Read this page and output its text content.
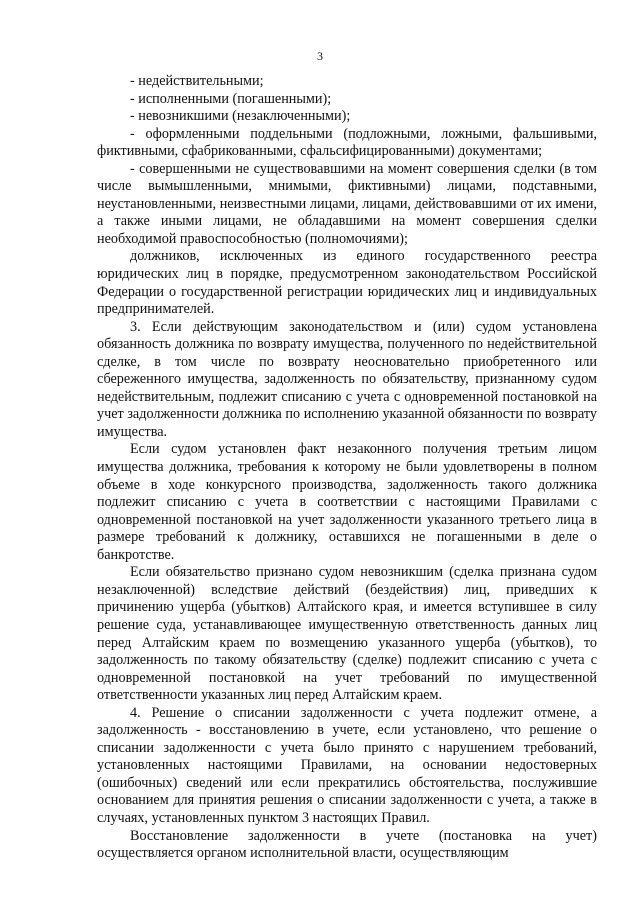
3

- недействительными;

- исполненными (погашенными);

- невозникшими (незаключенными);

- оформленными поддельными (подложными, ложными, фальшивыми, фиктивными, сфабрикованными, сфальсифицированными) документами;

- совершенными не существовавшими на момент совершения сделки (в том числе вымышленными, мнимыми, фиктивными) лицами, подставными, неустановленными, неизвестными лицами, лицами, действовавшими от их имени, а также иными лицами, не обладавшими на момент совершения сделки необходимой правоспособностью (полномочиями);

должников, исключенных из единого государственного реестра юридических лиц в порядке, предусмотренном законодательством Российской Федерации о государственной регистрации юридических лиц и индивидуальных предпринимателей.

3. Если действующим законодательством и (или) судом установлена обязанность должника по возврату имущества, полученного по недействительной сделке, в том числе по возврату неосновательно приобретенного или сбереженного имущества, задолженность по обязательству, признанному судом недействительным, подлежит списанию с учета с одновременной постановкой на учет задолженности должника по исполнению указанной обязанности по возврату имущества.

Если судом установлен факт незаконного получения третьим лицом имущества должника, требования к которому не были удовлетворены в полном объеме в ходе конкурсного производства, задолженность такого должника подлежит списанию с учета в соответствии с настоящими Правилами с одновременной постановкой на учет задолженности указанного третьего лица в размере требований к должнику, оставшихся не погашенными в деле о банкротстве.

Если обязательство признано судом невозникшим (сделка признана судом незаключенной) вследствие действий (бездействия) лиц, приведших к причинению ущерба (убытков) Алтайского края, и имеется вступившее в силу решение суда, устанавливающее имущественную ответственность данных лиц перед Алтайским краем по возмещению указанного ущерба (убытков), то задолженность по такому обязательству (сделке) подлежит списанию с учета с одновременной постановкой на учет требований по имущественной ответственности указанных лиц перед Алтайским краем.

4. Решение о списании задолженности с учета подлежит отмене, а задолженность - восстановлению в учете, если установлено, что решение о списании задолженности с учета было принято с нарушением требований, установленных настоящими Правилами, на основании недостоверных (ошибочных) сведений или если прекратились обстоятельства, послужившие основанием для принятия решения о списании задолженности с учета, а также в случаях, установленных пунктом 3 настоящих Правил.

Восстановление задолженности в учете (постановка на учет) осуществляется органом исполнительной власти, осуществляющим
